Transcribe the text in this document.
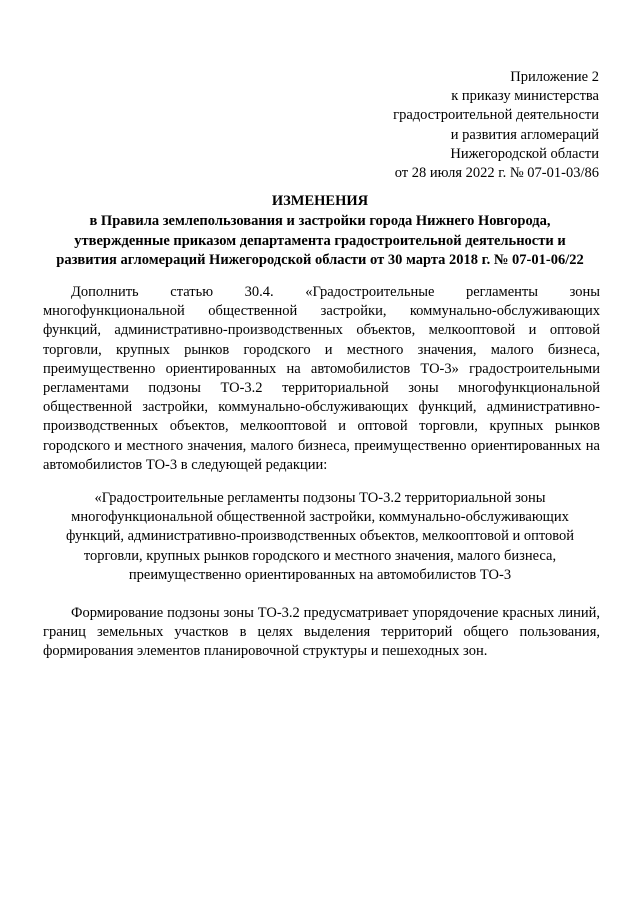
Приложение 2
к приказу министерства
градостроительной деятельности
и развития агломераций
Нижегородской области
от 28 июля 2022 г. № 07-01-03/86
ИЗМЕНЕНИЯ
в Правила землепользования и застройки города Нижнего Новгорода,
утвержденные приказом департамента градостроительной деятельности и
развития агломераций Нижегородской области от 30 марта 2018 г. № 07-01-06/22

Дополнить статью 30.4. «Градостроительные регламенты зоны многофункциональной общественной застройки, коммунально-обслуживающих функций, административно-производственных объектов, мелкооптовой и оптовой торговли, крупных рынков городского и местного значения, малого бизнеса, преимущественно ориентированных на автомобилистов ТО-3» градостроительными регламентами подзоны ТО-3.2 территориальной зоны многофункциональной общественной застройки, коммунально-обслуживающих функций, административно-производственных объектов, мелкооптовой и оптовой торговли, крупных рынков городского и местного значения, малого бизнеса, преимущественно ориентированных на автомобилистов ТО-3 в следующей редакции:

«Градостроительные регламенты подзоны ТО-3.2 территориальной зоны
многофункциональной общественной застройки, коммунально-обслуживающих
функций, административно-производственных объектов, мелкооптовой и оптовой
торговли, крупных рынков городского и местного значения, малого бизнеса,
преимущественно ориентированных на автомобилистов ТО-3

Формирование подзоны зоны ТО-3.2 предусматривает упорядочение красных линий, границ земельных участков в целях выделения территорий общего пользования, формирования элементов планировочной структуры и пешеходных зон.
